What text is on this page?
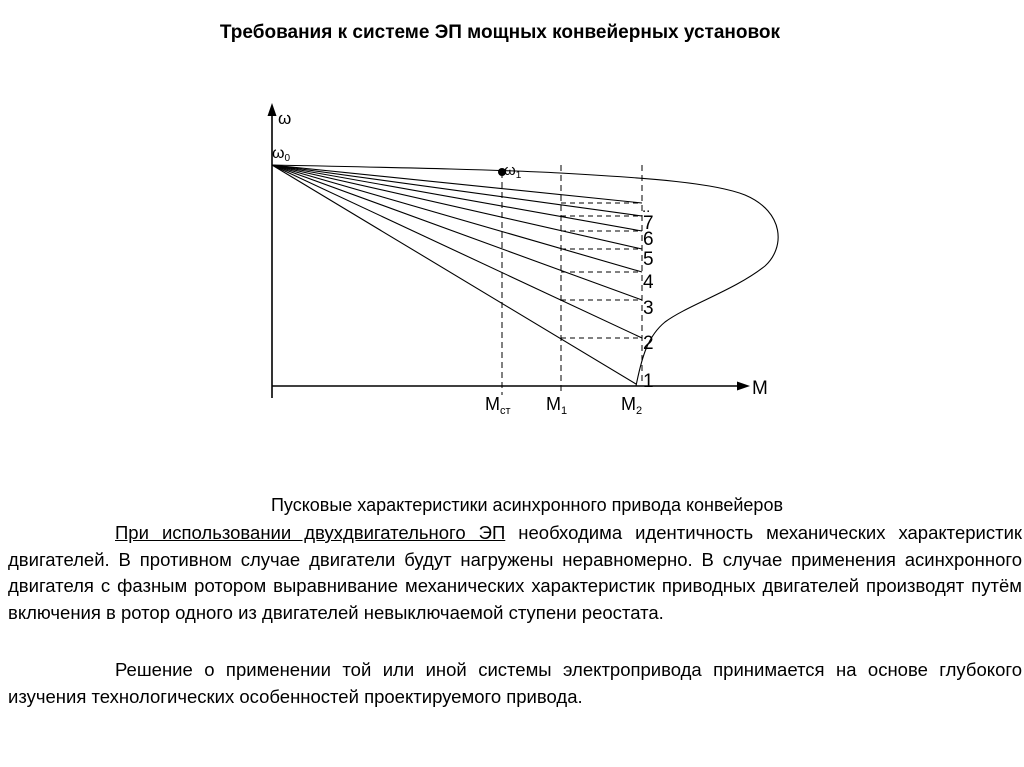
Требования к системе ЭП мощных конвейерных установок
ω
ω0
$\omega_1$
M
$M_{ст}$ $M_1$	$M_2$
..
7
6
5
4
3
2
1
Пусковые характеристики асинхронного привода конвейеров

При использовании двухдвигательного ЭП необходима идентичность механических характеристик двигателей. В противном случае двигатели будут нагружены неравномерно. В случае применения асинхронного двигателя с фазным ротором выравнивание механических характеристик приводных двигателей производят путём включения в ротор одного из двигателей невыключаемой ступени реостата.

Решение о применении той или иной системы электропривода принимается на основе глубокого изучения технологических особенностей проектируемого привода.
